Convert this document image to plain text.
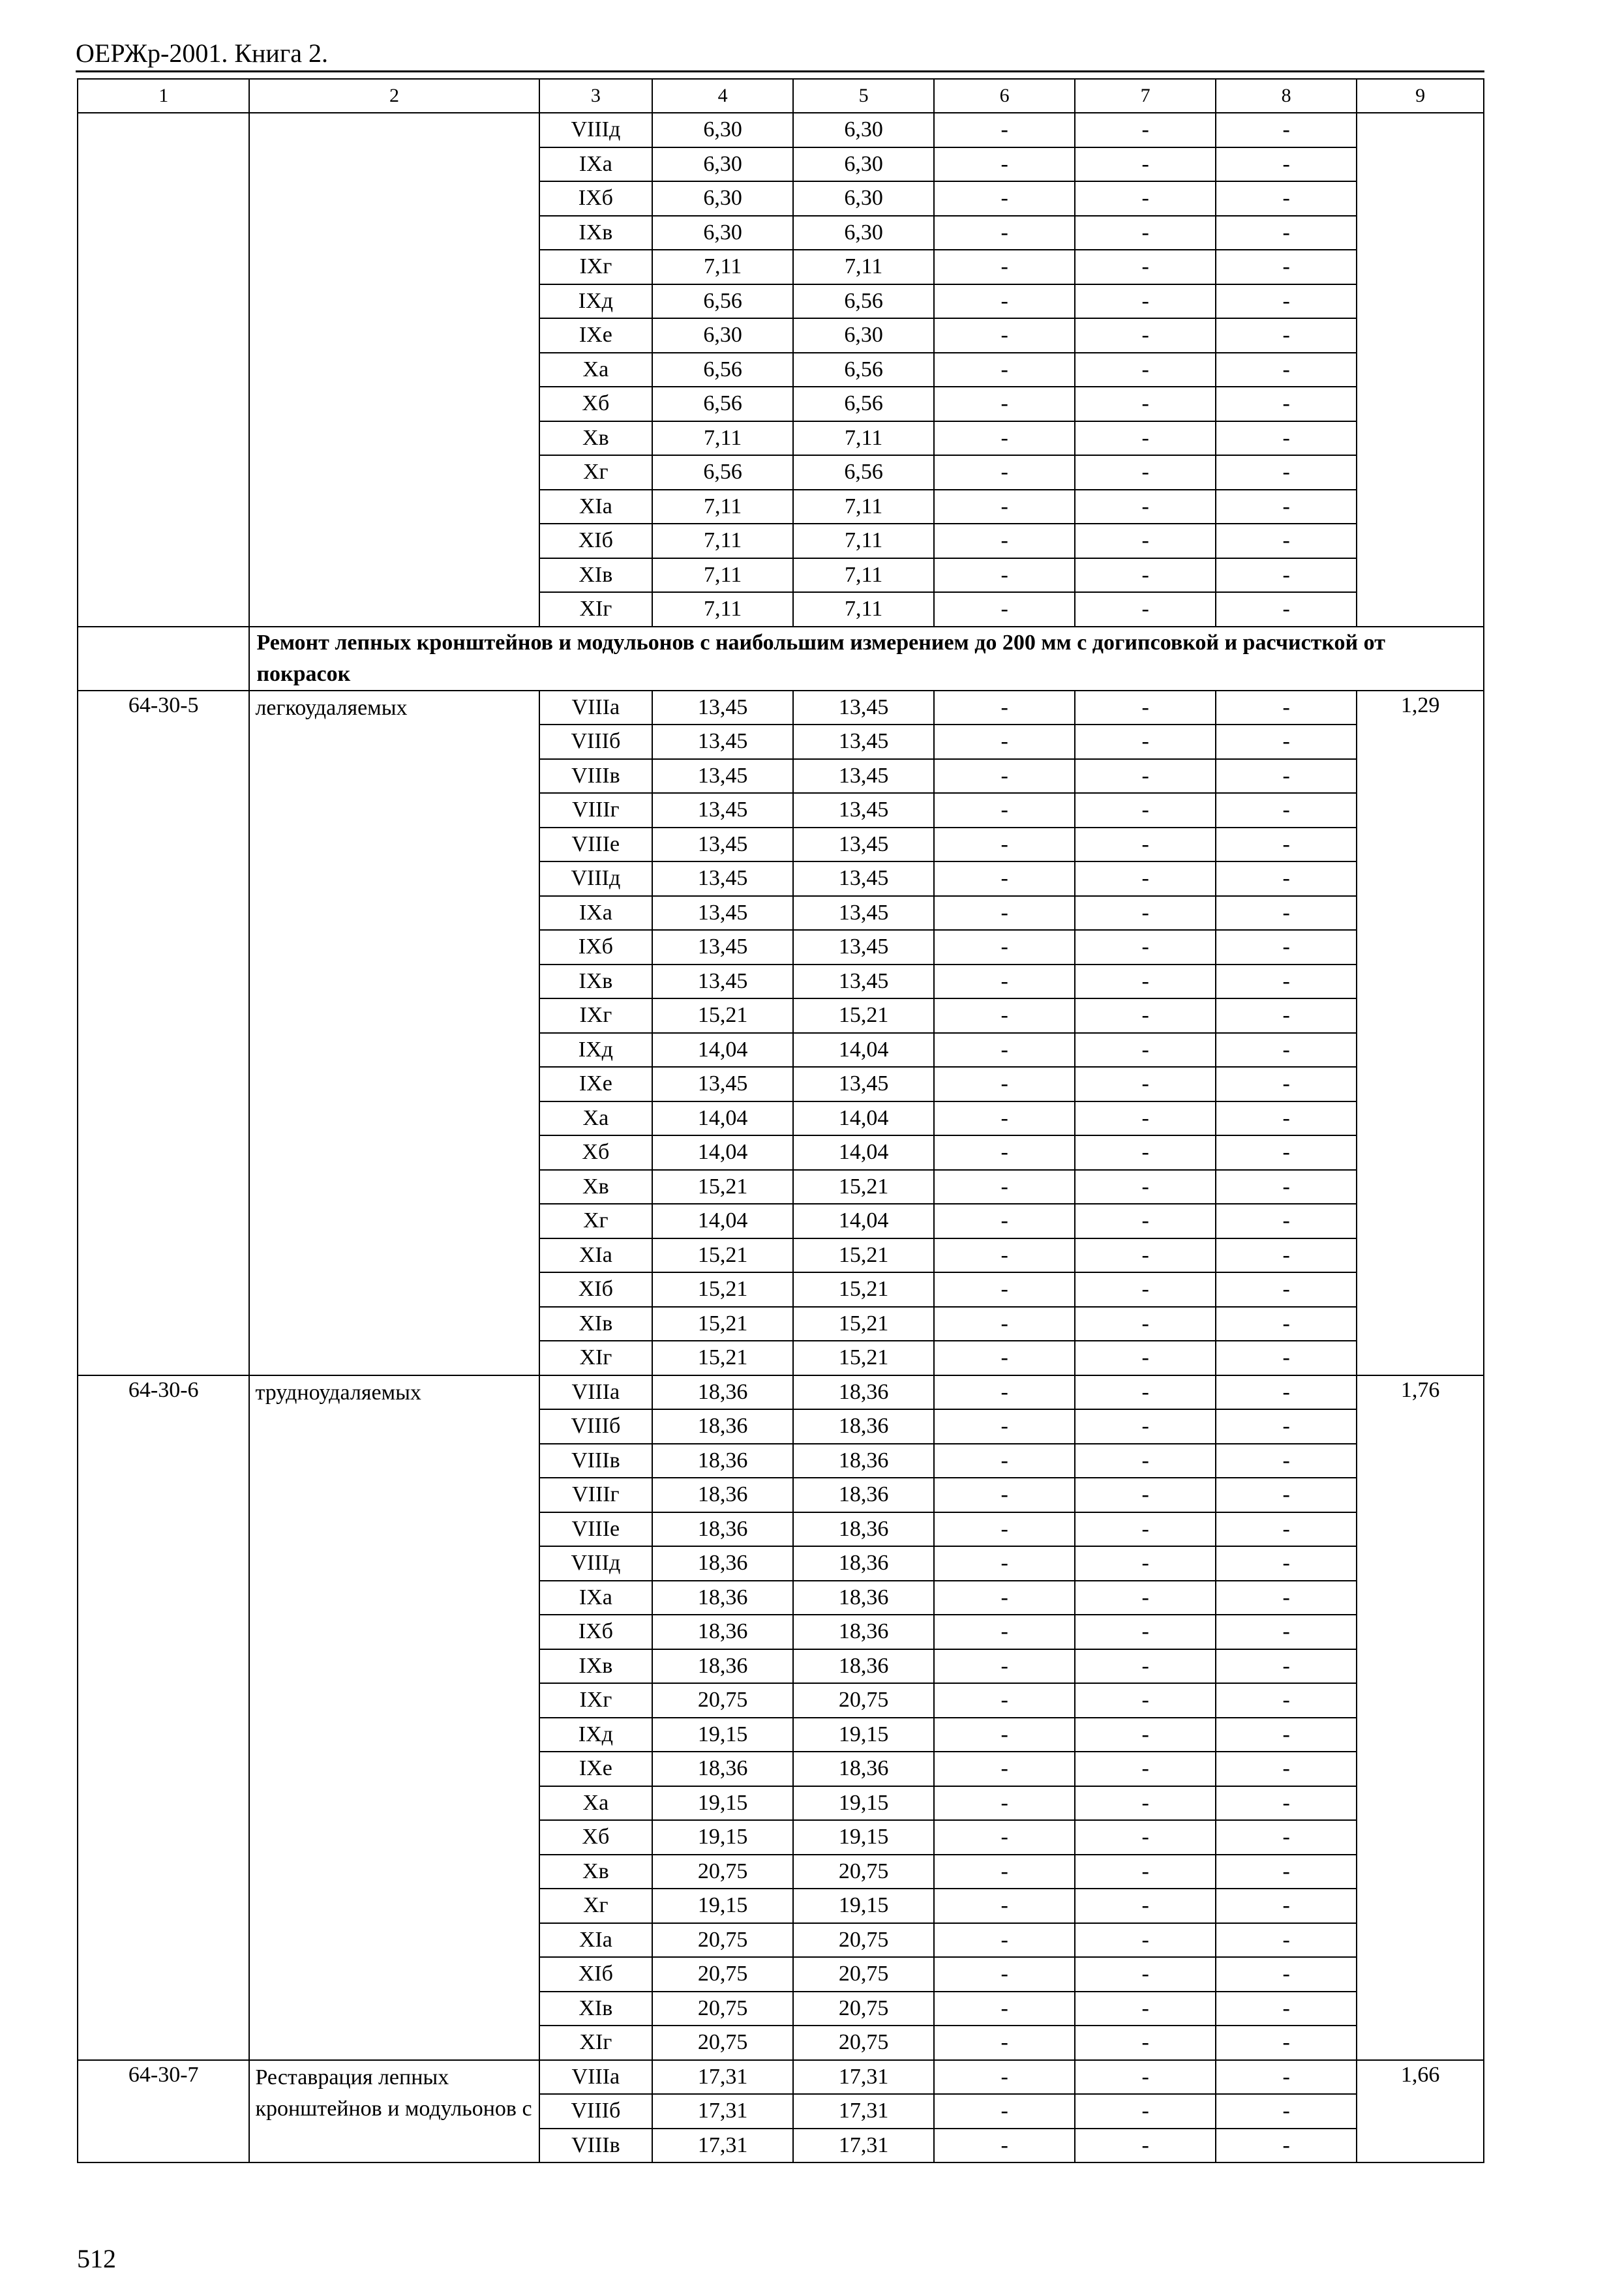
ОЕРЖр-2001. Книга 2.
1	2	3	4	5	6	7	8	9
		VIIIд	6,30	6,30	-	-	-	
		IXа	6,30	6,30	-	-	-	
		IXб	6,30	6,30	-	-	-	
		IXв	6,30	6,30	-	-	-	
		IXг	7,11	7,11	-	-	-	
		IXд	6,56	6,56	-	-	-	
		IXе	6,30	6,30	-	-	-	
		Xа	6,56	6,56	-	-	-	
		Xб	6,56	6,56	-	-	-	
		Xв	7,11	7,11	-	-	-	
		Xг	6,56	6,56	-	-	-	
		XIа	7,11	7,11	-	-	-	
		XIб	7,11	7,11	-	-	-	
		XIв	7,11	7,11	-	-	-	
		XIг	7,11	7,11	-	-	-	
	Ремонт лепных кронштейнов и модульонов с наибольшим измерением до 200 мм с догипсовкой и расчисткой от покрасок							
64-30-5	легкоудаляемых	VIIIа	13,45	13,45	-	-	-	1,29
		VIIIб	13,45	13,45	-	-	-	
		VIIIв	13,45	13,45	-	-	-	
		VIIIг	13,45	13,45	-	-	-	
		VIIIе	13,45	13,45	-	-	-	
		VIIIд	13,45	13,45	-	-	-	
		IXа	13,45	13,45	-	-	-	
		IXб	13,45	13,45	-	-	-	
		IXв	13,45	13,45	-	-	-	
		IXг	15,21	15,21	-	-	-	
		IXд	14,04	14,04	-	-	-	
		IXе	13,45	13,45	-	-	-	
		Xа	14,04	14,04	-	-	-	
		Xб	14,04	14,04	-	-	-	
		Xв	15,21	15,21	-	-	-	
		Xг	14,04	14,04	-	-	-	
		XIа	15,21	15,21	-	-	-	
		XIб	15,21	15,21	-	-	-	
		XIв	15,21	15,21	-	-	-	
		XIг	15,21	15,21	-	-	-	
64-30-6	трудноудаляемых	VIIIа	18,36	18,36	-	-	-	1,76
		VIIIб	18,36	18,36	-	-	-	
		VIIIв	18,36	18,36	-	-	-	
		VIIIг	18,36	18,36	-	-	-	
		VIIIе	18,36	18,36	-	-	-	
		VIIIд	18,36	18,36	-	-	-	
		IXа	18,36	18,36	-	-	-	
		IXб	18,36	18,36	-	-	-	
		IXв	18,36	18,36	-	-	-	
		IXг	20,75	20,75	-	-	-	
		IXд	19,15	19,15	-	-	-	
		IXе	18,36	18,36	-	-	-	
		Xа	19,15	19,15	-	-	-	
		Xб	19,15	19,15	-	-	-	
		Xв	20,75	20,75	-	-	-	
		Xг	19,15	19,15	-	-	-	
		XIа	20,75	20,75	-	-	-	
		XIб	20,75	20,75	-	-	-	
		XIв	20,75	20,75	-	-	-	
		XIг	20,75	20,75	-	-	-	
64-30-7	Реставрация лепных кронштейнов и модульонов с	VIIIа	17,31	17,31	-	-	-	1,66
		VIIIб	17,31	17,31	-	-	-	
		VIIIв	17,31	17,31	-	-	-	
512
